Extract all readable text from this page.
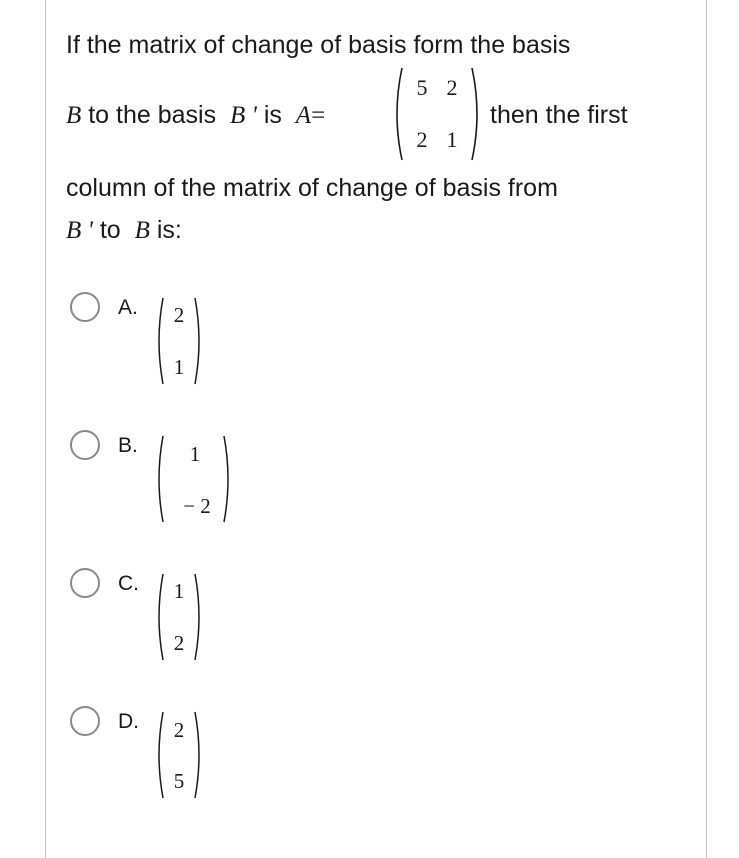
If the matrix of change of basis form the basis
B to the basis B ' is A=	then the first
5 2
2 1
column of the matrix of change of basis from
B ' to B is:
A.	2
1
B.	1
− 2
C.	1
2
D.	2
5
